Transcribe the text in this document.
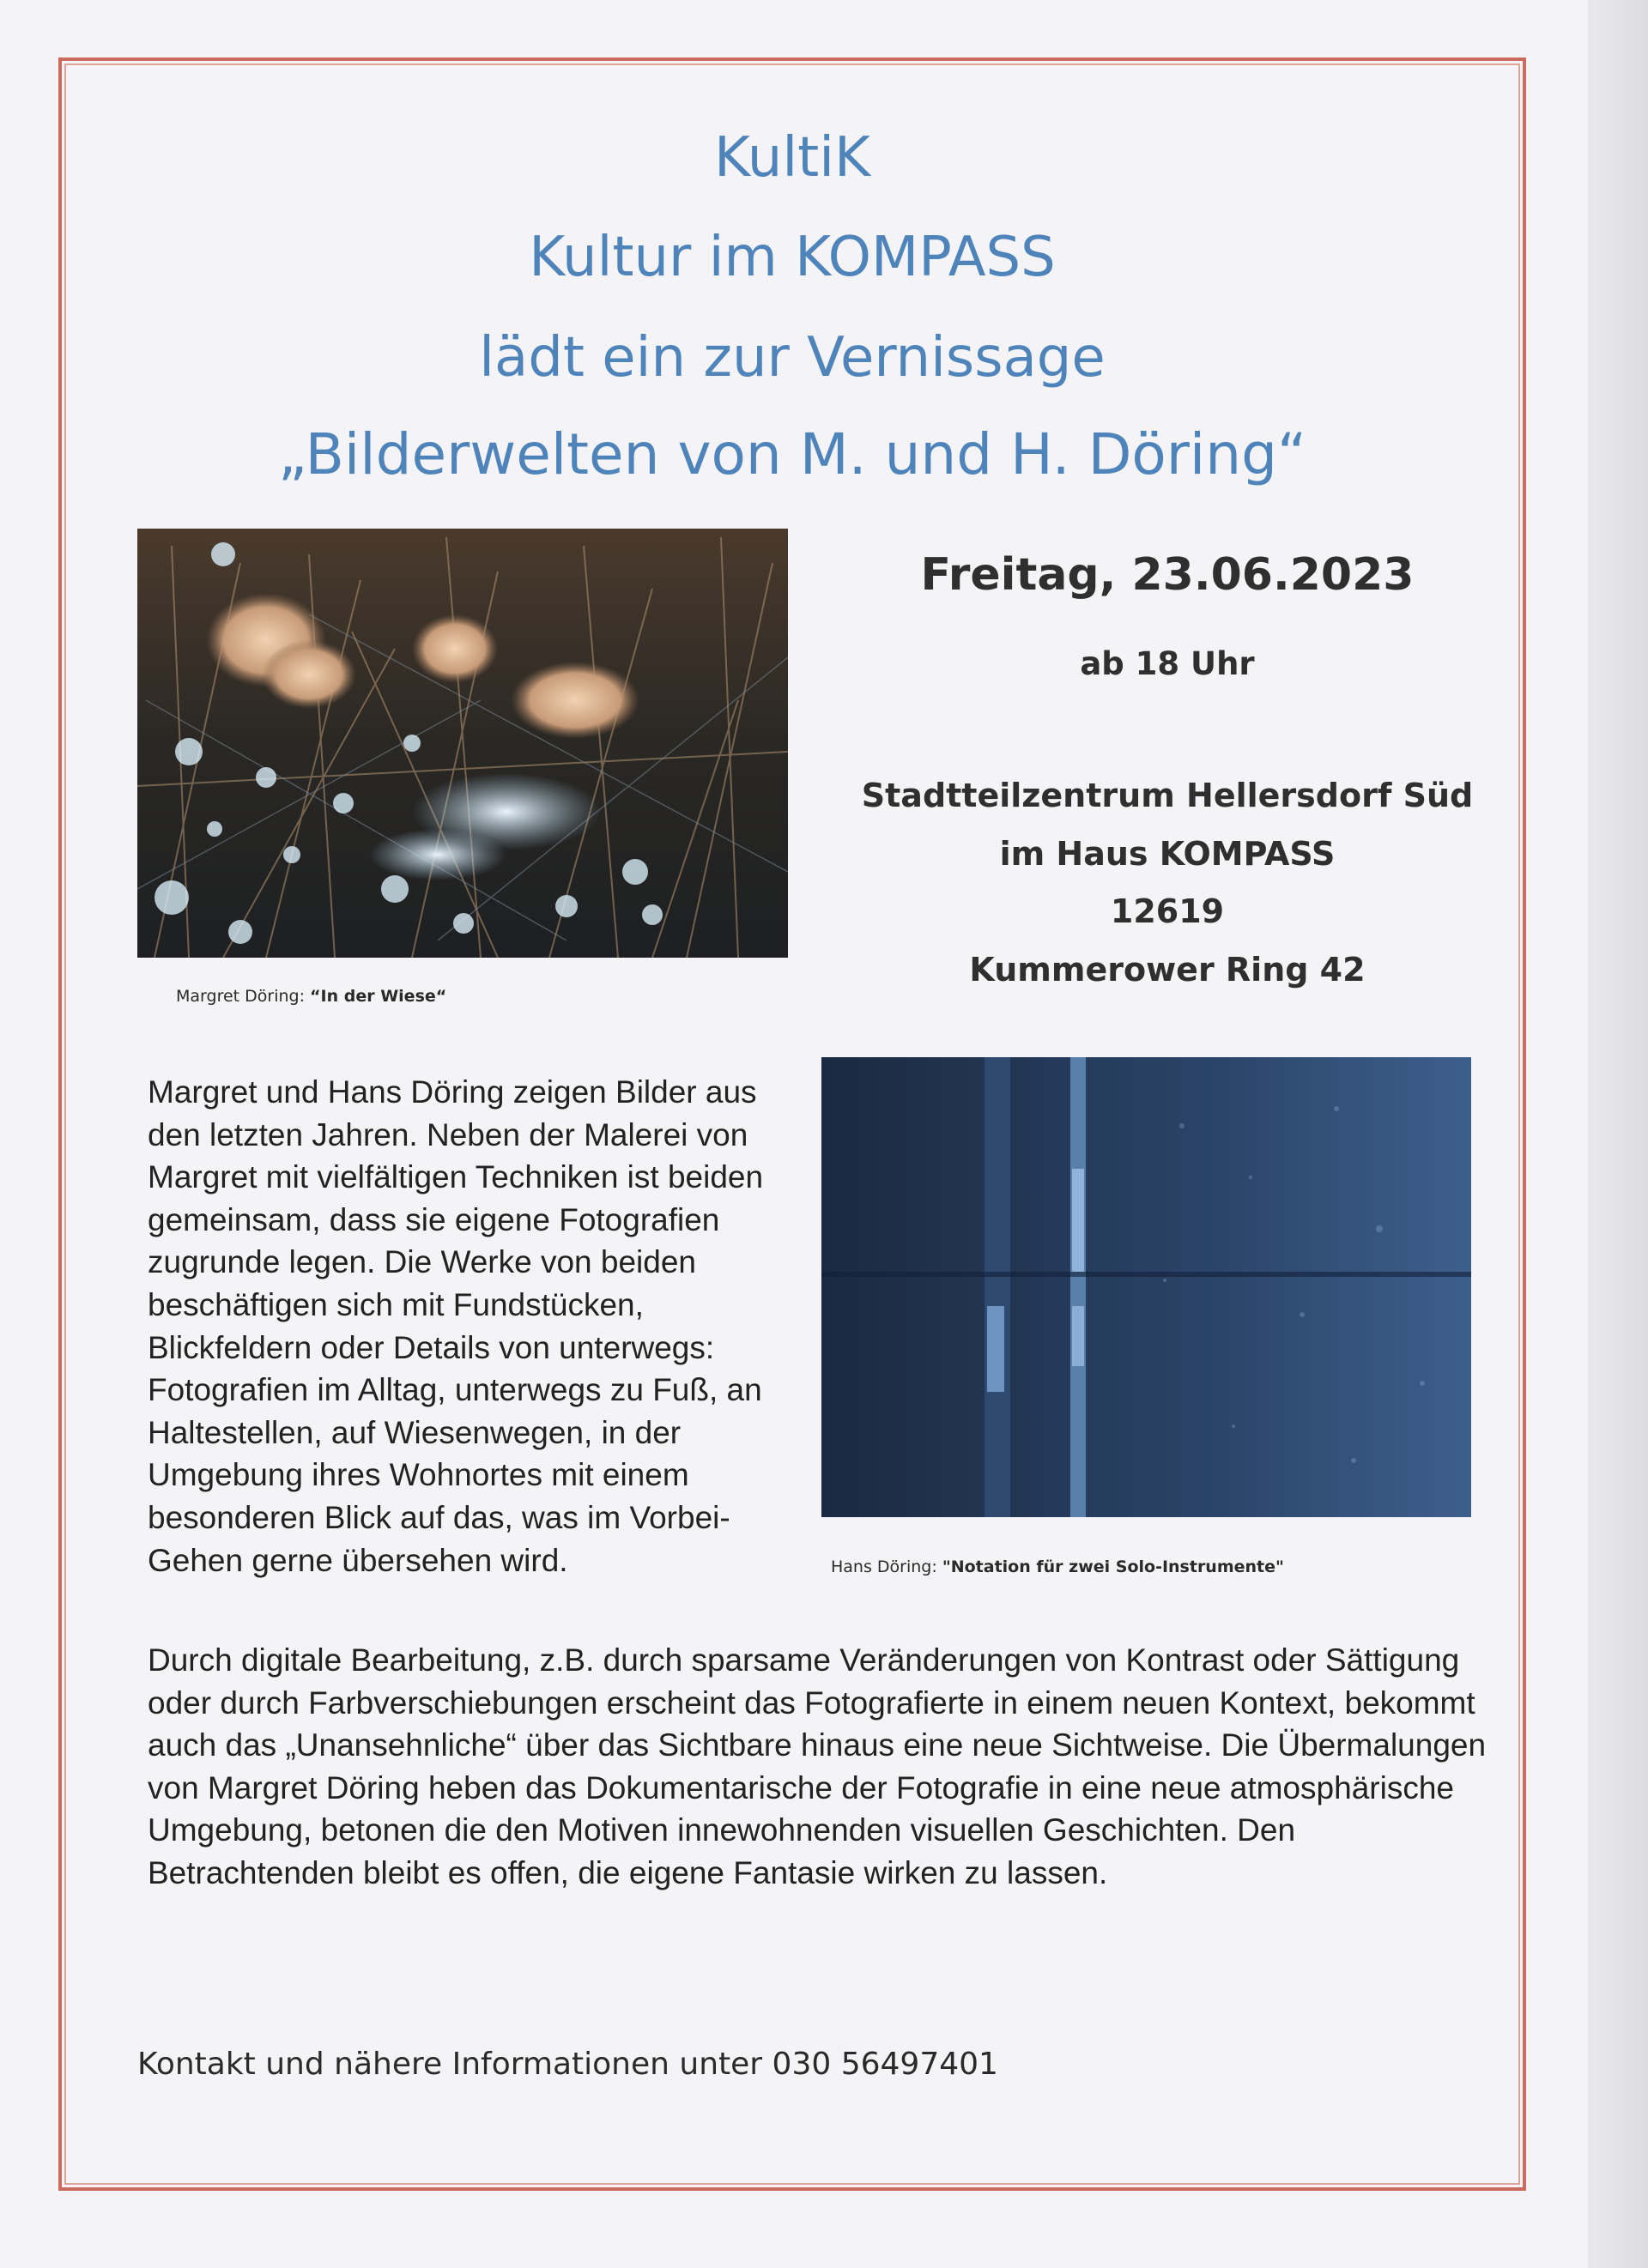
KultiK
Kultur im KOMPASS
lädt ein zur Vernissage
„Bilderwelten von M. und H. Döring“
Margret Döring: “In der Wiese“
Freitag, 23.06.2023
ab 18 Uhr
Stadtteilzentrum Hellersdorf Süd
im Haus KOMPASS
12619
Kummerower Ring 42
Hans Döring: "Notation für zwei Solo-Instrumente"

Margret und Hans Döring zeigen Bilder aus den letzten Jahren. Neben der Malerei von Margret mit vielfältigen Techniken ist beiden gemeinsam, dass sie eigene Fotografien zugrunde legen. Die Werke von beiden beschäftigen sich mit Fundstücken, Blickfeldern oder Details von unterwegs: Fotografien im Alltag, unterwegs zu Fuß, an Haltestellen, auf Wiesenwegen, in der Umgebung ihres Wohnortes mit einem besonderen Blick auf das, was im Vorbei-Gehen gerne übersehen wird.

Durch digitale Bearbeitung, z.B. durch sparsame Veränderungen von Kontrast oder Sättigung oder durch Farbverschiebungen erscheint das Fotografierte in einem neuen Kontext, bekommt auch das „Unansehnliche“ über das Sichtbare hinaus eine neue Sichtweise. Die Übermalungen von Margret Döring heben das Dokumentarische der Fotografie in eine neue atmosphärische Umgebung, betonen die den Motiven innewohnenden visuellen Geschichten. Den Betrachtenden bleibt es offen, die eigene Fantasie wirken zu lassen.

Kontakt und nähere Informationen unter 030 56497401
